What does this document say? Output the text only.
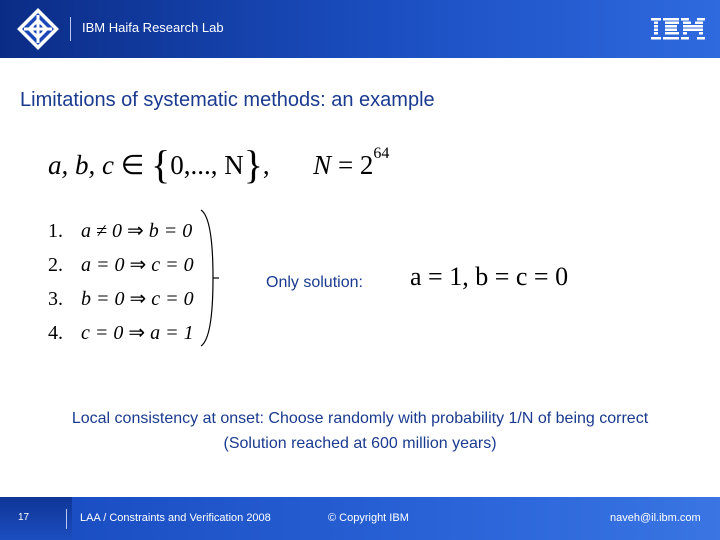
IBM Haifa Research Lab
Limitations of systematic methods: an example
a, b, c ∈ {0,..., N}, $N = 2^{64}$
1. a ≠ 0 ⇒ b = 0
2. a = 0 ⇒ c = 0
3. b = 0 ⇒ c = 0
4. c = 0 ⇒ a = 1
Only solution: a = 1, b = c = 0
Local consistency at onset: Choose randomly with probability 1/N of being correct
(Solution reached at 600 million years)
17	LAA / Constraints and Verification 2008	© Copyright IBM	naveh@il.ibm.com
